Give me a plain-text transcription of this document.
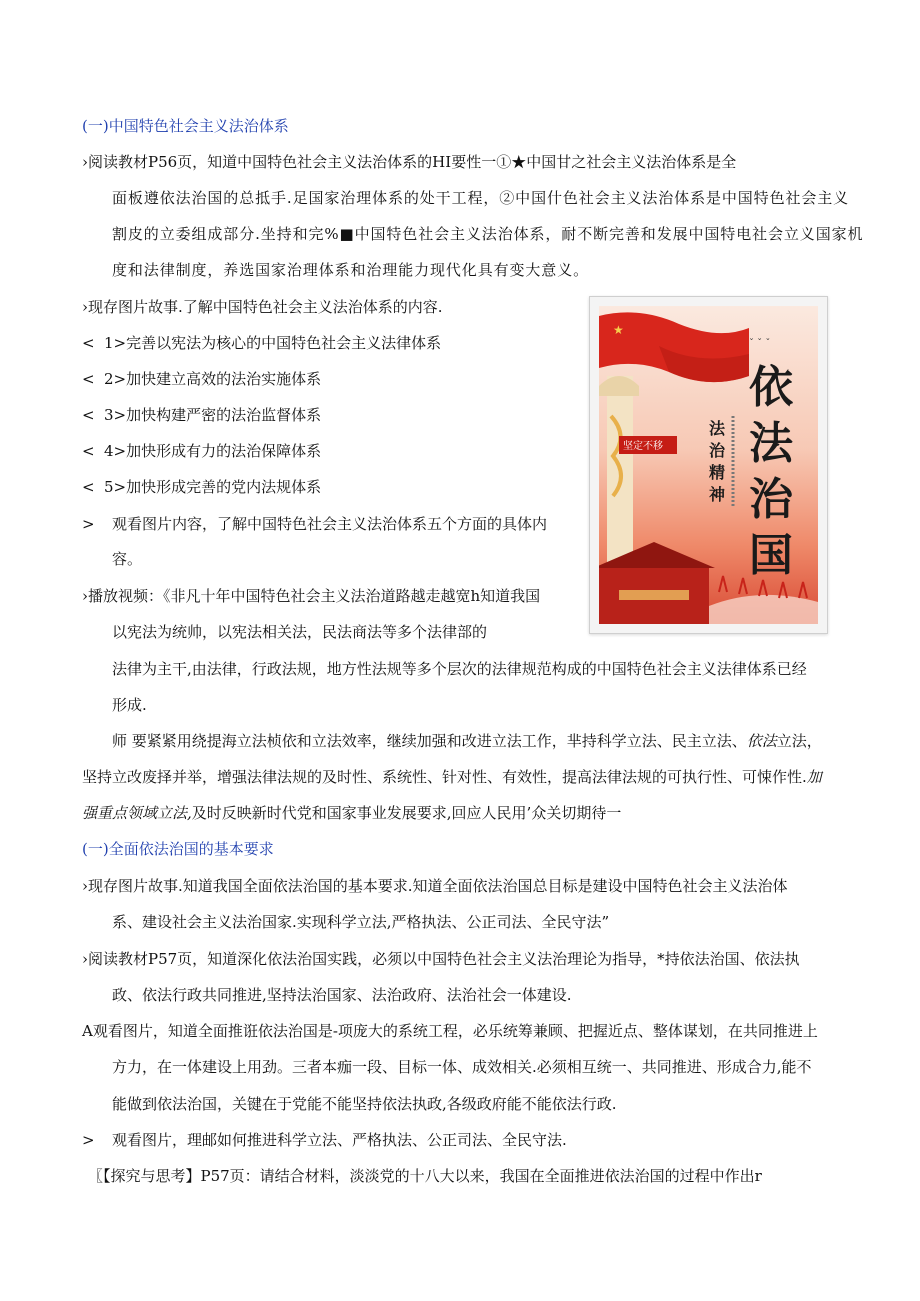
(一)中国特色社会主义法治体系
›阅读教材P56页，知道中国特色社会主义法治体系的HI要性一①★中国甘之社会主义法治体系是全
面板遵依法治国的总抵手.足国家治理体系的处干工程，②中国什色社会主义法治体系是中国特色社会主义
割皮的立委组成部分.坐持和完%■中国特色社会主义法治体系，耐不断完善和发展中国特电社会立义国家机
度和法律制度，养选国家治理体系和治理能力现代化具有变大意义。
›现存图片故事.了解中国特色社会主义法治体系的内容.
< 1>完善以宪法为核心的中国特色社会主义法律体系
< 2>加快建立高效的法治实施体系
< 3>加快构建严密的法治监督体系
< 4>加快形成有力的法治保障体系
< 5>加快形成完善的党内法规体系
> 观看图片内容，了解中国特色社会主义法治体系五个方面的具体内
容。
›播放视频：《非凡十年中国特色社会主义法治道路越走越宽h知道我国
以宪法为统帅，以宪法相关法，民法商法等多个法律部的
法律为主干,由法律，行政法规，地方性法规等多个层次的法律规范构成的中国特色社会主义法律体系已经
形成.
师 要紧紧用绕提海立法桢依和立法效率，继续加强和改进立法工作，芈持科学立法、民主立法、依法立法，
坚持立改废择并举，增强法律法规的及时性、系统性、针对性、有效性，提高法律法规的可执行性、可悚作性.加
强重点领域立法,及时反映新时代党和国家事业发展要求,回应人民用’众关切期待一
(一)全面依法治国的基本要求
›现存图片故事.知道我国全面依法治国的基本要求.知道全面依法治国总目标是建设中国特色社会主义法治体
系、建设社会主义法治国家.实现科学立法,严格执法、公正司法、全民守法”
›阅读教材P57页，知道深化依法治国实践，必须以中国特色社会主义法治理论为指导，*持依法治国、依法执
政、依法行政共同推进,坚持法治国家、法治政府、法治社会一体建设.
A观看图片，知道全面推诳依法治国是-项庞大的系统工程，必乐统筹兼顾、把握近点、整体谋划，在共同推进上
方力，在一体建设上用劲。三者本痂一段、目标一体、成效相关.必须相互统一、共同推进、形成合力,能不
能做到依法治国，关键在于党能不能坚持依法执政,各级政府能不能依法行政.
> 观看图片，理邮如何推进科学立法、严格执法、公正司法、全民守法.
〖【探究与思考】P57页：请结合材料，淡淡党的十八大以来，我国在全面推进依法治国的过程中作出r
★
ˇ ˇ ˇ
坚定不移
依
法
治
国
法
治
精
神
